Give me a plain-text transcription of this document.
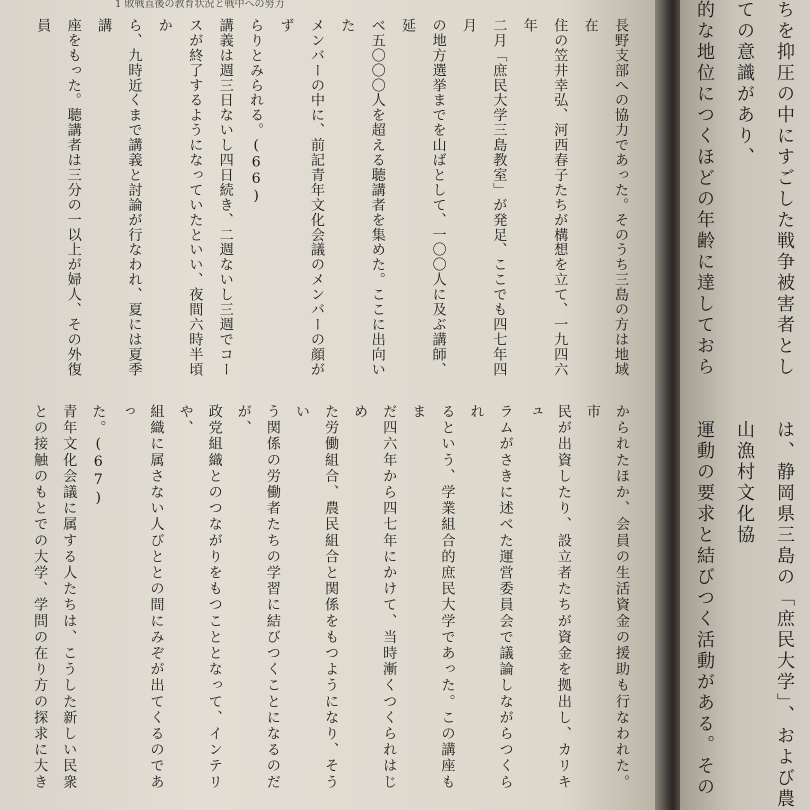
1 敗戦直後の教育状況と戦中への努力

長野支部への協力であった。そのうち三島の方は地域在

住の笠井幸弘、河西春子たちが構想を立て、一九四六年

二月「庶民大学三島教室」が発足、ここでも四七年四月

の地方選挙までを山ばとして、一〇〇人に及ぶ講師、延

べ五〇〇〇人を超える聴講者を集めた。ここに出向いた

メンバーの中に、前記青年文化会議のメンバーの顔がず

らりとみられる。(66)

講義は週三日ないし四日続き、二週ないし三週でコー

スが終了するようになっていたといい、夜間六時半頃か

ら、九時近くまで講義と討論が行なわれ、夏には夏季講

座をもった。聴講者は三分の一以上が婦人、その外復員

かられたほか、会員の生活資金の援助も行なわれた。市

民が出資したり、設立者たちが資金を拠出し、カリキュ

ラムがさきに述べた運営委員会で議論しながらつくられ

るという、学業組合的庶民大学であった。この講座もま

だ四六年から四七年にかけて、当時漸くつくられはじめ

た労働組合、農民組合と関係をもつようになり、そうい

う関係の労働者たちの学習に結びつくことになるのだが、

政党組織とのつながりをもつこととなって、インテリや、

組織に属さない人びととの間にみぞが出てくるのであっ

た。(67)

青年文化会議に属する人たちは、こうした新しい民衆

との接触のもとでの大学、学問の在り方の探求に大き

ちを抑圧の中にすごした戦争被害者としての意識があり、

的な地位につくほどの年齢に達しておら

は、静岡県三島の「庶民大学」、および農山漁村文化協

運動の要求と結びつく活動がある。その
